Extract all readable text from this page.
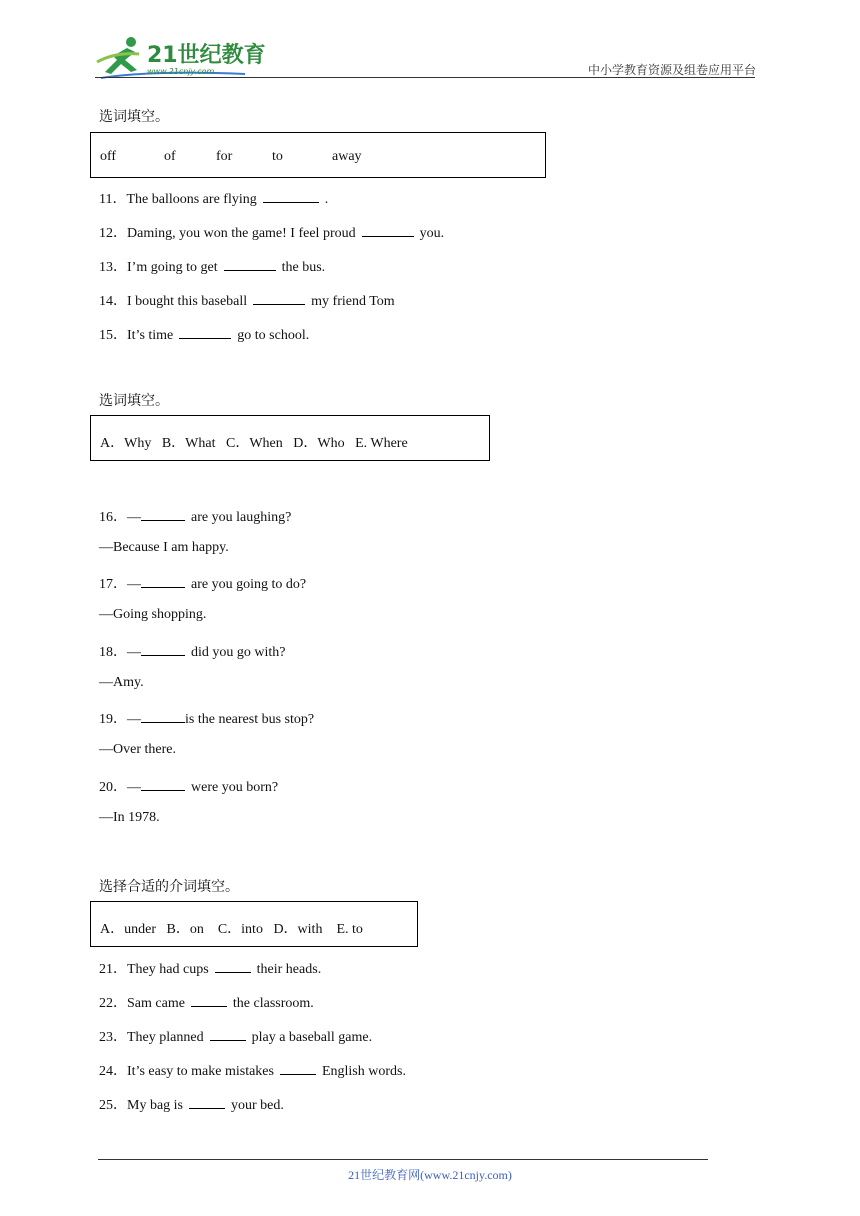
21世纪教育
www.21cnjy.com	中小学教育资源及组卷应用平台
选词填空。
off	of	for	to	away
11．The balloons are flying	.
12．Daming, you won the game! I feel proud	you.
13．I’m going to get	the bus.
14．I bought this baseball	my friend Tom
15．It’s time	go to school.
选词填空。
A．Why   B．What   C．When   D．Who   E. Where
16．—	are you laughing?
—Because I am happy.
17．—	are you going to do?
—Going shopping.
18．—	did you go with?
—Amy.
19．—	is the nearest bus stop?
—Over there.
20．—	were you born?
—In 1978.
选择合适的介词填空。
A．under   B．on    C．into   D．with    E. to
21．They had cups	their heads.
22．Sam came	the classroom.
23．They planned	play a baseball game.
24．It’s easy to make mistakes	English words.
25．My bag is	your bed.
21世纪教育网(www.21cnjy.com)
